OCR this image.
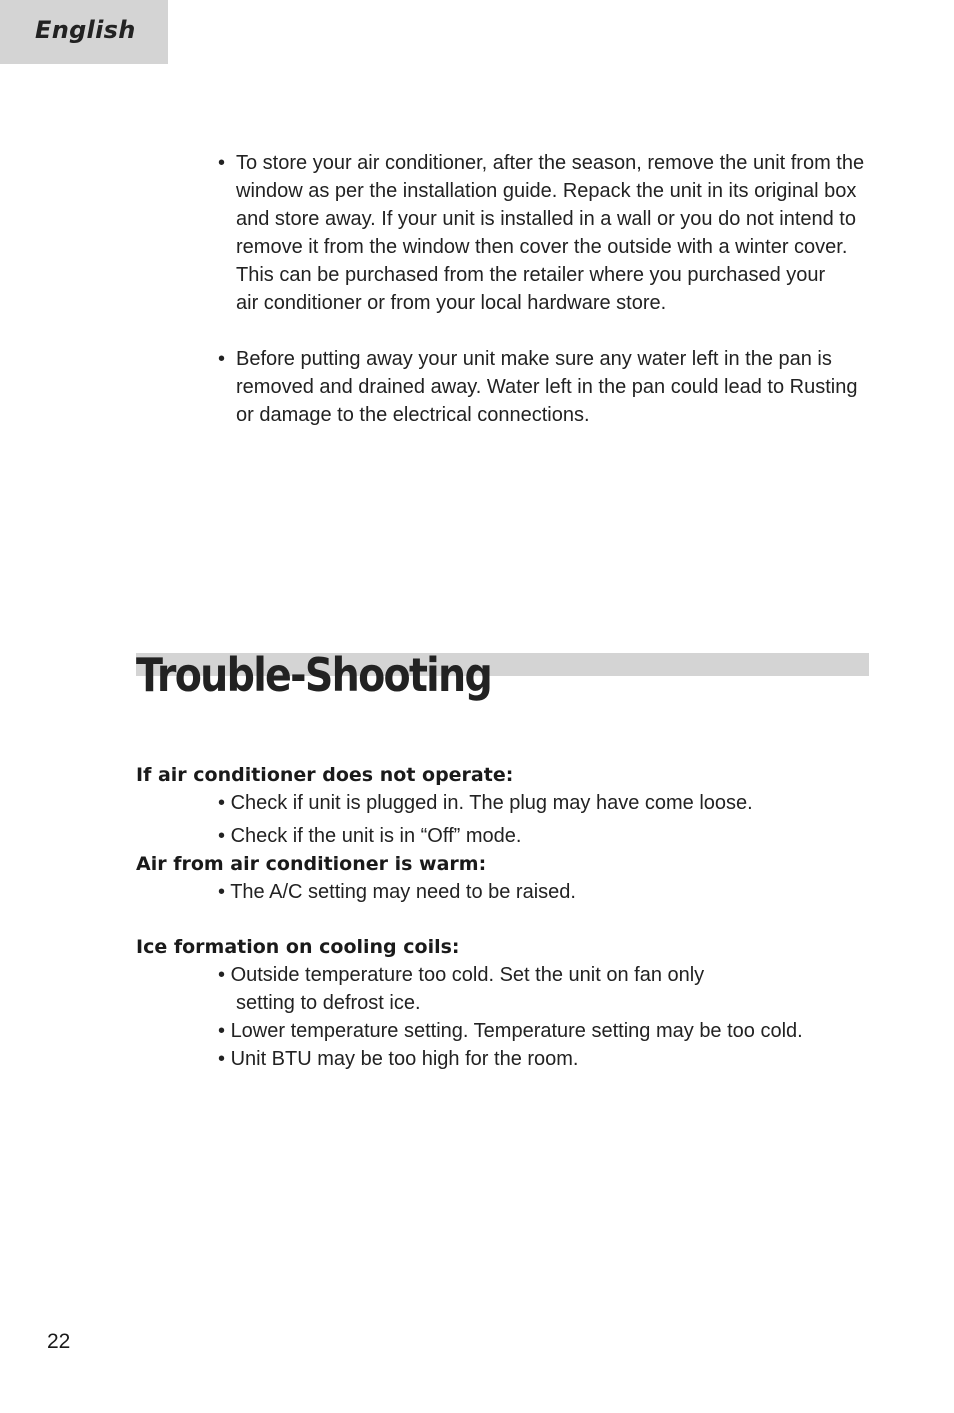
English
• To store your air conditioner, after the season, remove the unit from the
window as per the installation guide. Repack the unit in its original box
and store away. If your unit is installed in a wall or you do not intend to
remove it from the window then cover the outside with a winter cover.
This can be purchased from the retailer where you purchased your
air conditioner or from your local hardware store.
• Before putting away your unit make sure any water left in the pan is
removed and drained away. Water left in the pan could lead to Rusting
or damage to the electrical connections.
Trouble-Shooting
If air conditioner does not operate:
• Check if unit is plugged in. The plug may have come loose.
• Check if the unit is in “Off” mode.
Air from air conditioner is warm:
• The A/C setting may need to be raised.
Ice formation on cooling coils:
• Outside temperature too cold. Set the unit on fan only
setting to defrost ice.
• Lower temperature setting. Temperature setting may be too cold.
• Unit BTU may be too high for the room.
22
